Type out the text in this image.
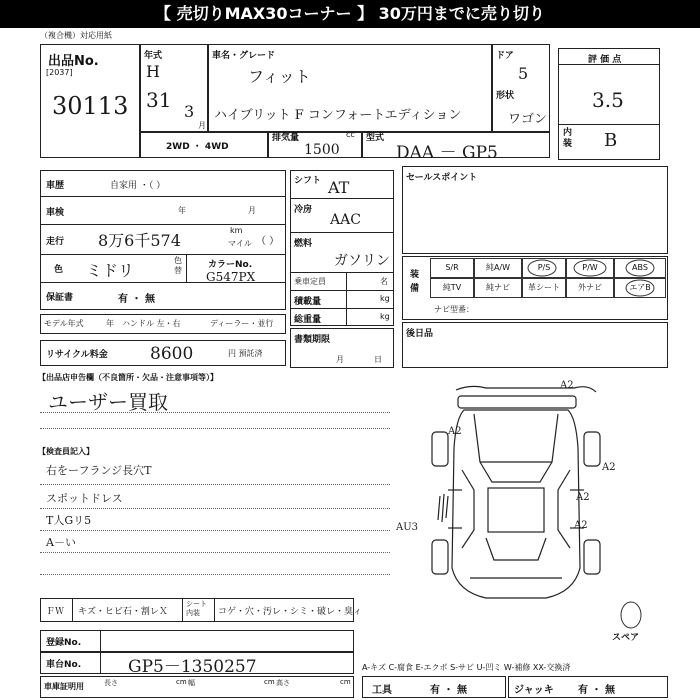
【 売切りMAX30コーナー 】 30万円までに売り切り
（複合機）対応用紙
出品No.
[2037]
30113
年式
H
31 3
月
車名・グレード
フィット
ハイブリット F コンフォートエディション
ドア
5
形状
ワゴン
評 価 点
3.5
内装 B
2WD ・ 4WD
排気量	cc
1500
型式
DAA － GP5
車歴	自家用 ・（ ）
車検	年	月
走行 8万6千574
km
マイル （ ）
色 ミドリ
色替
カラーNo.
G547PX
保証書	有 ・ 無
モデル年式	年 ハンドル 左・右	ディーラー・並行
シフト AT
冷房
AAC
燃料
ガソリン
乗車定員	名
積載量	kg
総重量	kg
書類期限
月	日
セールスポイント
装備
S/R	純A/W	P/S	P/W	ABS
純TV	純ナビ	革シート	外ナビ	エアB
ナビ型番：
後日品
リサイクル料金 8600	円 預託済
【出品店申告欄（不良箇所・欠品・注意事項等）】
ユーザー買取
【検査員記入】
右をーフランジ長穴T
スポットドレス
T人Gリ5
A－い
A2
A2
A2
A2
A2
AU3
スペア
ＦＷ キズ・ヒビ石・割レＸ
シート内装	コゲ・穴・汚レ・シミ・破レ・臭ィ
登録No.
車台No.	GP5－1350257	A-キズ C-腐食 E-エクボ S-サビ U-凹ミ W-補修 XX-交換済
車庫証明用	長さ	cm 幅	cm 高さ	cm
工具	有 ・ 無	ジャッキ 有 ・ 無
